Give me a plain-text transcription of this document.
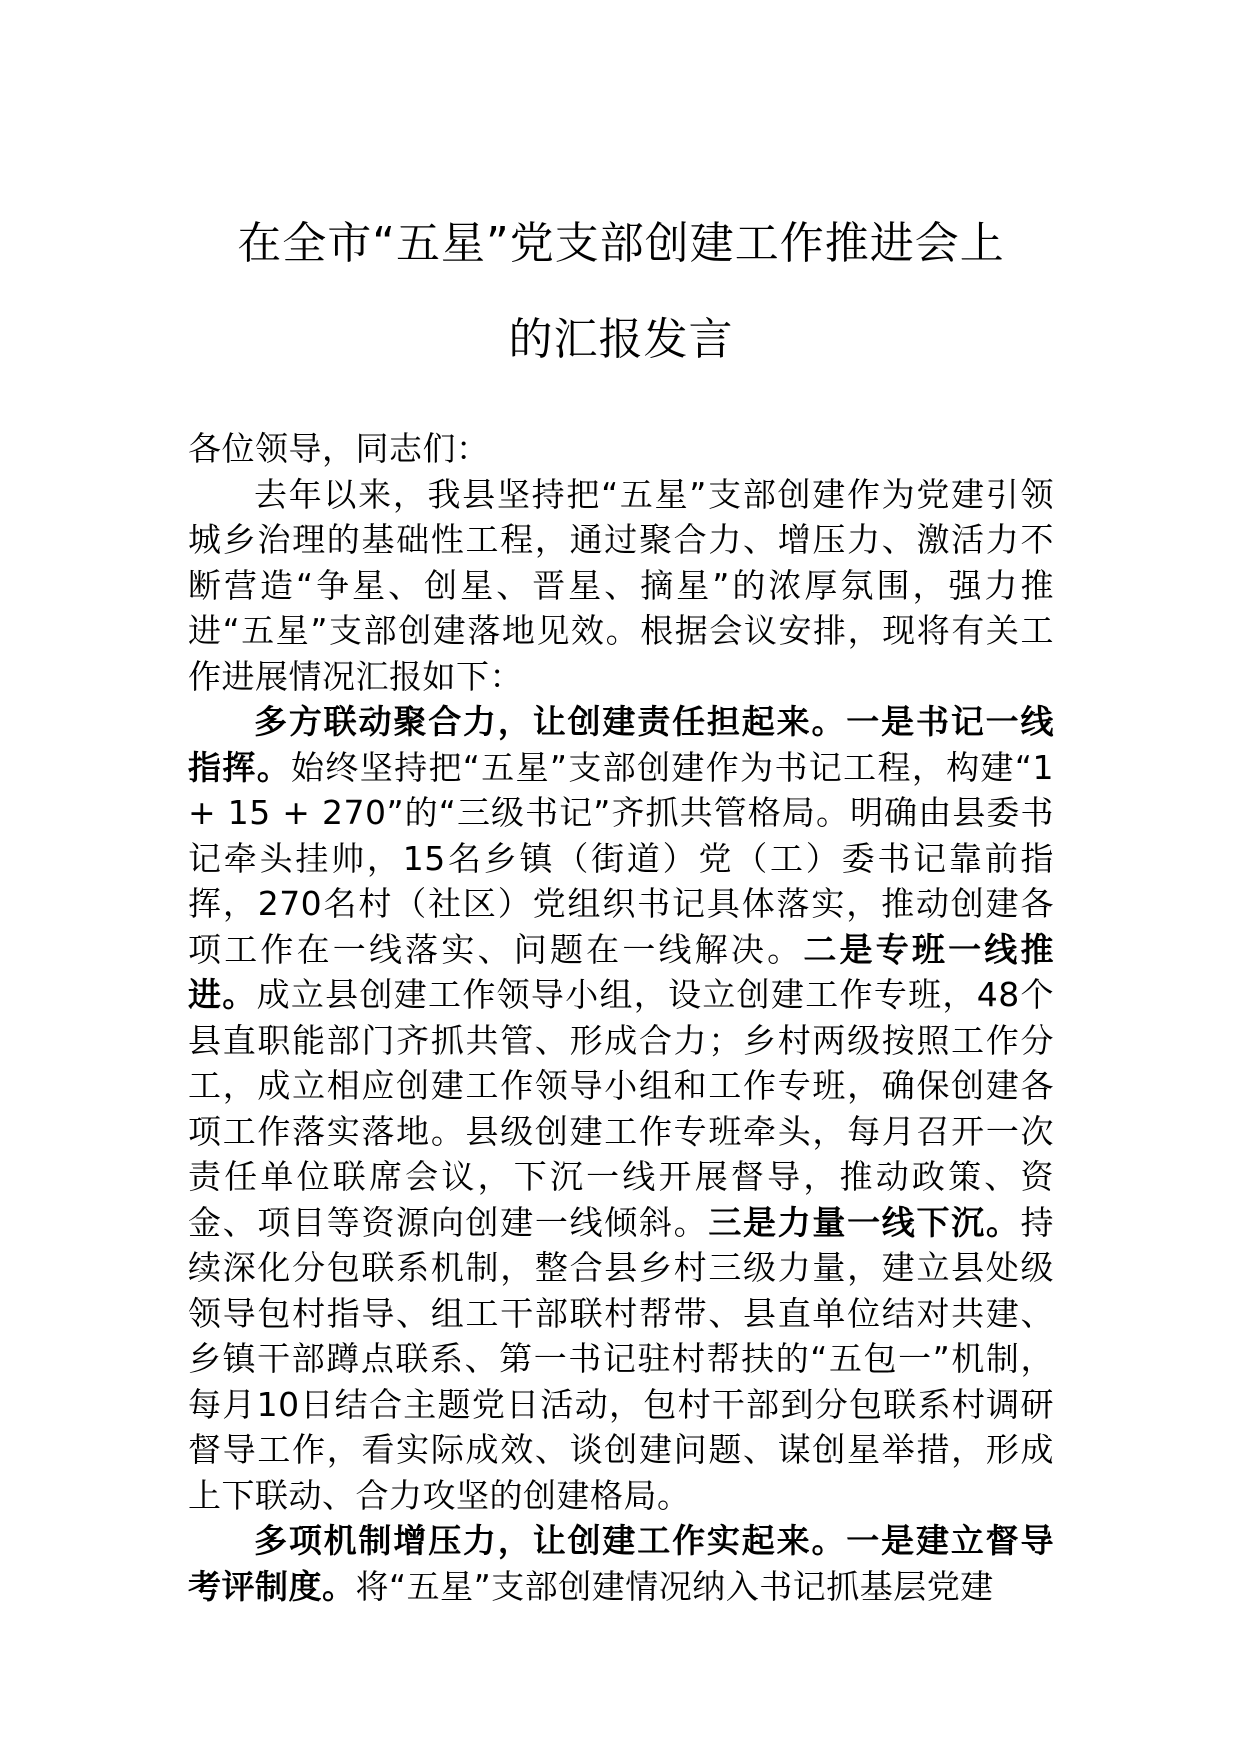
在全市“五星”党支部创建工作推进会上
的汇报发言

各位领导，同志们：

去年以来，我县坚持把“五星”支部创建作为党建引领城乡治理的基础性工程，通过聚合力、增压力、激活力不断营造“争星、创星、晋星、摘星”的浓厚氛围，强力推进“五星”支部创建落地见效。根据会议安排，现将有关工作进展情况汇报如下：

多方联动聚合力，让创建责任担起来。一是书记一线指挥。始终坚持把“五星”支部创建作为书记工程，构建“1 + 15 + 270”的“三级书记”齐抓共管格局。明确由县委书记牵头挂帅，15名乡镇（街道）党（工）委书记靠前指挥，270名村（社区）党组织书记具体落实，推动创建各项工作在一线落实、问题在一线解决。二是专班一线推进。成立县创建工作领导小组，设立创建工作专班，48个县直职能部门齐抓共管、形成合力；乡村两级按照工作分工，成立相应创建工作领导小组和工作专班，确保创建各项工作落实落地。县级创建工作专班牵头，每月召开一次责任单位联席会议，下沉一线开展督导，推动政策、资金、项目等资源向创建一线倾斜。三是力量一线下沉。持续深化分包联系机制，整合县乡村三级力量，建立县处级领导包村指导、组工干部联村帮带、县直单位结对共建、乡镇干部蹲点联系、第一书记驻村帮扶的“五包一”机制，每月10日结合主题党日活动，包村干部到分包联系村调研督导工作，看实际成效、谈创建问题、谋创星举措，形成上下联动、合力攻坚的创建格局。

多项机制增压力，让创建工作实起来。一是建立督导考评制度。将“五星”支部创建情况纳入书记抓基层党建
